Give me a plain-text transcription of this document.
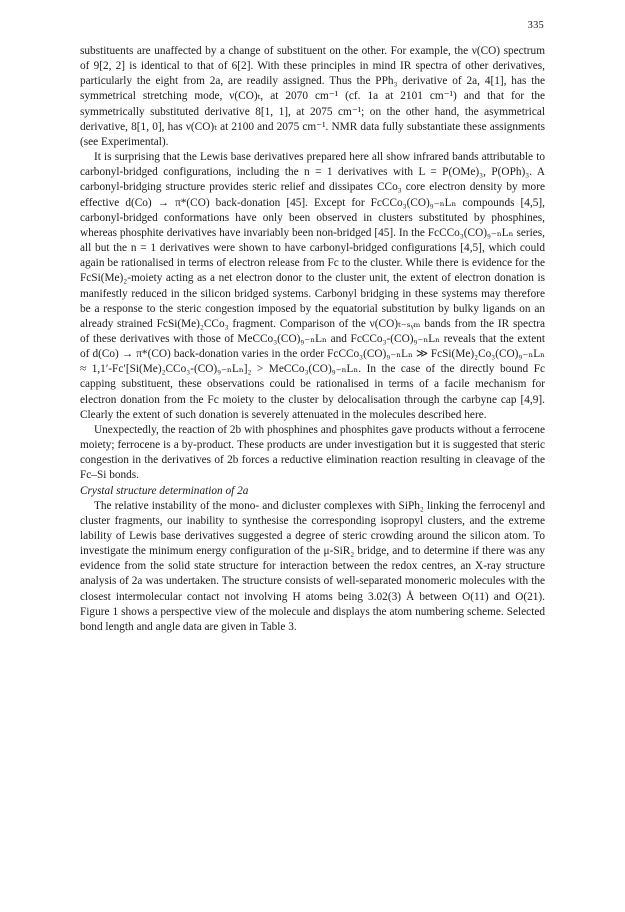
335

substituents are unaffected by a change of substituent on the other. For example, the ν(CO) spectrum of 9[2, 2] is identical to that of 6[2]. With these principles in mind IR spectra of other derivatives, particularly the eight from 2a, are readily assigned. Thus the PPh₃ derivative of 2a, 4[1], has the symmetrical stretching mode, ν(CO)ₜ, at 2070 cm⁻¹ (cf. 1a at 2101 cm⁻¹) and that for the symmetrically substituted derivative 8[1, 1], at 2075 cm⁻¹; on the other hand, the asymmetrical derivative, 8[1, 0], has ν(CO)ₜ at 2100 and 2075 cm⁻¹. NMR data fully substantiate these assignments (see Experimental).

It is surprising that the Lewis base derivatives prepared here all show infrared bands attributable to carbonyl-bridged configurations, including the n = 1 derivatives with L = P(OMe)₃, P(OPh)₃. A carbonyl-bridging structure provides steric relief and dissipates CCo₃ core electron density by more effective d(Co) → π*(CO) back-donation [45]. Except for FcCCo₃(CO)₉₋ₙLₙ compounds [4,5], carbonyl-bridged conformations have only been observed in clusters substituted by phosphines, whereas phosphite derivatives have invariably been non-bridged [45]. In the FcCCo₃(CO)₉₋ₙLₙ series, all but the n = 1 derivatives were shown to have carbonyl-bridged configurations [4,5], which could again be rationalised in terms of electron release from Fc to the cluster. While there is evidence for the FcSi(Me)₂-moiety acting as a net electron donor to the cluster unit, the extent of electron donation is manifestly reduced in the silicon bridged systems. Carbonyl bridging in these systems may therefore be a response to the steric congestion imposed by the equatorial substitution by bulky ligands on an already strained FcSi(Me)₂CCo₃ fragment. Comparison of the ν(CO)ₜ₋ₛᵧₘ bands from the IR spectra of these derivatives with those of MeCCo₃(CO)₉₋ₙLₙ and FcCCo₃-(CO)₉₋ₙLₙ reveals that the extent of d(Co) → π*(CO) back-donation varies in the order FcCCo₃(CO)₉₋ₙLₙ ≫ FcSi(Me)₂Co₃(CO)₉₋ₙLₙ ≈ 1,1′-Fc′[Si(Me)₂CCo₃-(CO)₉₋ₙLₙ]₂ > MeCCo₃(CO)₉₋ₙLₙ. In the case of the directly bound Fc capping substituent, these observations could be rationalised in terms of a facile mechanism for electron donation from the Fc moiety to the cluster by delocalisation through the carbyne cap [4,9]. Clearly the extent of such donation is severely attenuated in the molecules described here.

Unexpectedly, the reaction of 2b with phosphines and phosphites gave products without a ferrocene moiety; ferrocene is a by-product. These products are under investigation but it is suggested that steric congestion in the derivatives of 2b forces a reductive elimination reaction resulting in cleavage of the Fc–Si bonds.

Crystal structure determination of 2a

The relative instability of the mono- and dicluster complexes with SiPh₂ linking the ferrocenyl and cluster fragments, our inability to synthesise the corresponding isopropyl clusters, and the extreme lability of Lewis base derivatives suggested a degree of steric crowding around the silicon atom. To investigate the minimum energy configuration of the μ-SiR₂ bridge, and to determine if there was any evidence from the solid state structure for interaction between the redox centres, an X-ray structure analysis of 2a was undertaken. The structure consists of well-separated monomeric molecules with the closest intermolecular contact not involving H atoms being 3.02(3) Å between O(11) and O(21). Figure 1 shows a perspective view of the molecule and displays the atom numbering scheme. Selected bond length and angle data are given in Table 3.
